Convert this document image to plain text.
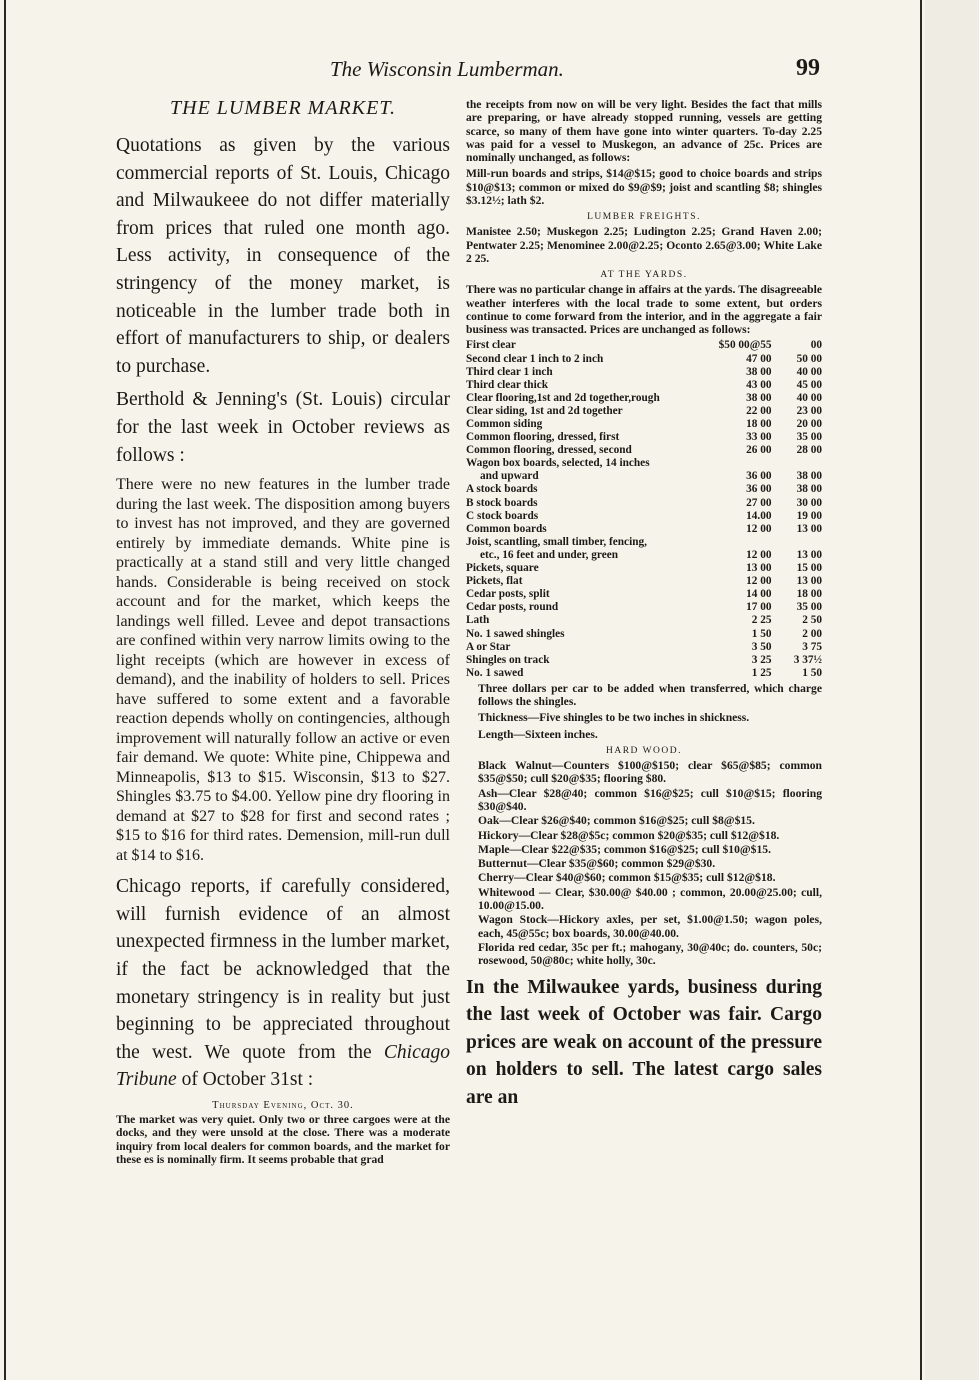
The Wisconsin Lumberman.	99
THE LUMBER MARKET.

Quotations as given by the various commercial reports of St. Louis, Chicago and Milwaukeee do not differ materially from prices that ruled one month ago. Less activity, in consequence of the stringency of the money market, is noticeable in the lumber trade both in effort of manufacturers to ship, or dealers to purchase.

Berthold & Jenning's (St. Louis) circular for the last week in October reviews as follows :

There were no new features in the lumber trade during the last week. The disposition among buyers to invest has not improved, and they are governed entirely by immediate demands. White pine is practically at a stand still and very little changed hands. Considerable is being received on stock account and for the market, which keeps the landings well filled. Levee and depot transactions are confined within very narrow limits owing to the light receipts (which are however in excess of demand), and the inability of holders to sell. Prices have suffered to some extent and a favorable reaction depends wholly on contingencies, although improvement will naturally follow an active or even fair demand. We quote: White pine, Chippewa and Minneapolis, $13 to $15. Wisconsin, $13 to $27. Shingles $3.75 to $4.00. Yellow pine dry flooring in demand at $27 to $28 for first and second rates ; $15 to $16 for third rates. Demension, mill-run dull at $14 to $16.

Chicago reports, if carefully considered, will furnish evidence of an almost unexpected firmness in the lumber market, if the fact be acknowledged that the monetary stringency is in reality but just beginning to be appreciated throughout the west. We quote from the Chicago Tribune of October 31st :

Thursday Evening, Oct. 30.

The market was very quiet. Only two or three cargoes were at the docks, and they were unsold at the close. There was a moderate inquiry from local dealers for common boards, and the market for these es is nominally firm. It seems probable that grad

the receipts from now on will be very light. Besides the fact that mills are preparing, or have already stopped running, vessels are getting scarce, so many of them have gone into winter quarters. To-day 2.25 was paid for a vessel to Muskegon, an advance of 25c. Prices are nominally unchanged, as follows:

Mill-run boards and strips, $14@$15; good to choice boards and strips $10@$13; common or mixed do $9@$9; joist and scantling $8; shingles $3.12½; lath $2.

LUMBER FREIGHTS.

Manistee 2.50; Muskegon 2.25; Ludington 2.25; Grand Haven 2.00; Pentwater 2.25; Menominee 2.00@2.25; Oconto 2.65@3.00; White Lake 2 25.

AT THE YARDS.

There was no particular change in affairs at the yards. The disagreeable weather interferes with the local trade to some extent, but orders continue to come forward from the interior, and in the aggregate a fair business was transacted. Prices are unchanged as follows:

First clear	$50 00@55	00
Second clear 1 inch to 2 inch	47 00	50 00
Third clear 1 inch	38 00	40 00
Third clear thick	43 00	45 00
Clear flooring,1st and 2d together,rough	38 00	40 00
Clear siding, 1st and 2d together	22 00	23 00
Common siding	18 00	20 00
Common flooring, dressed, first	33 00	35 00
Common flooring, dressed, second	26 00	28 00
Wagon box boards, selected, 14 inches		
and upward	36 00	38 00
A stock boards	36 00	38 00
B stock boards	27 00	30 00
C stock boards	14.00	19 00
Common boards	12 00	13 00
Joist, scantling, small timber, fencing,		
etc., 16 feet and under, green	12 00	13 00
Pickets, square	13 00	15 00
Pickets, flat	12 00	13 00
Cedar posts, split	14 00	18 00
Cedar posts, round	17 00	35 00
Lath	2 25	2 50
No. 1 sawed shingles	1 50	2 00
A or Star	3 50	3 75
Shingles on track	3 25	3 37½
No. 1 sawed	1 25	1 50

Three dollars per car to be added when transferred, which charge follows the shingles.

Thickness—Five shingles to be two inches in shickness.

Length—Sixteen inches.

HARD WOOD.

Black Walnut—Counters $100@$150; clear $65@$85; common $35@$50; cull $20@$35; flooring $80.

Ash—Clear $28@40; common $16@$25; cull $10@$15; flooring $30@$40.

Oak—Clear $26@$40; common $16@$25; cull $8@$15.

Hickory—Clear $28@$5c; common $20@$35; cull $12@$18.

Maple—Clear $22@$35; common $16@$25; cull $10@$15.

Butternut—Clear $35@$60; common $29@$30.

Cherry—Clear $40@$60; common $15@$35; cull $12@$18.

Whitewood — Clear, $30.00@ $40.00 ; common, 20.00@25.00; cull, 10.00@15.00.

Wagon Stock—Hickory axles, per set, $1.00@1.50; wagon poles, each, 45@55c; box boards, 30.00@40.00.

Florida red cedar, 35c per ft.; mahogany, 30@40c; do. counters, 50c; rosewood, 50@80c; white holly, 30c.

In the Milwaukee yards, business during the last week of October was fair. Cargo prices are weak on account of the pressure on holders to sell. The latest cargo sales are an
